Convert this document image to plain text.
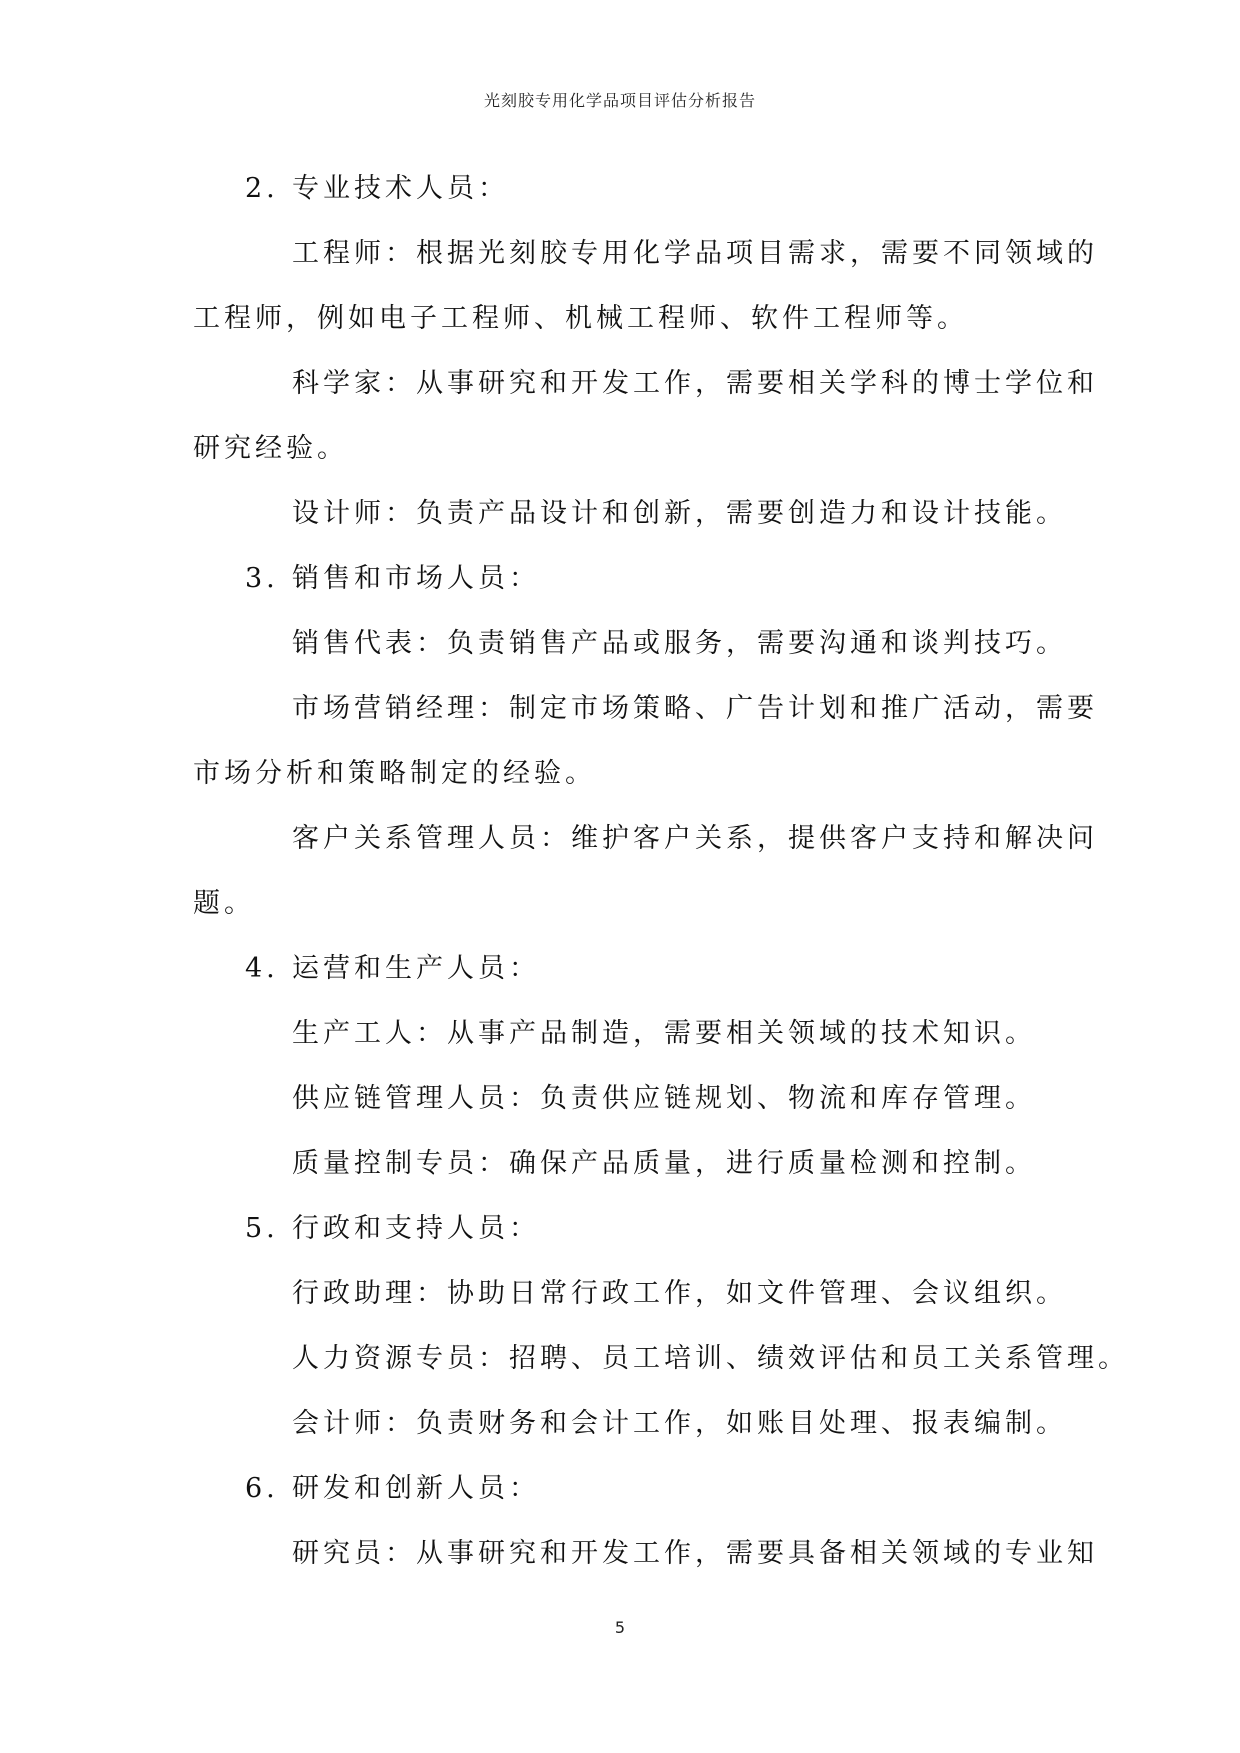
光刻胶专用化学品项目评估分析报告
2. 专业技术人员：
工程师：根据光刻胶专用化学品项目需求，需要不同领域的
工程师，例如电子工程师、机械工程师、软件工程师等。
科学家：从事研究和开发工作，需要相关学科的博士学位和
研究经验。
设计师：负责产品设计和创新，需要创造力和设计技能。
3. 销售和市场人员：
销售代表：负责销售产品或服务，需要沟通和谈判技巧。
市场营销经理：制定市场策略、广告计划和推广活动，需要
市场分析和策略制定的经验。
客户关系管理人员：维护客户关系，提供客户支持和解决问
题。
4. 运营和生产人员：
生产工人：从事产品制造，需要相关领域的技术知识。
供应链管理人员：负责供应链规划、物流和库存管理。
质量控制专员：确保产品质量，进行质量检测和控制。
5. 行政和支持人员：
行政助理：协助日常行政工作，如文件管理、会议组织。
人力资源专员：招聘、员工培训、绩效评估和员工关系管理。
会计师：负责财务和会计工作，如账目处理、报表编制。
6. 研发和创新人员：
研究员：从事研究和开发工作，需要具备相关领域的专业知
5
